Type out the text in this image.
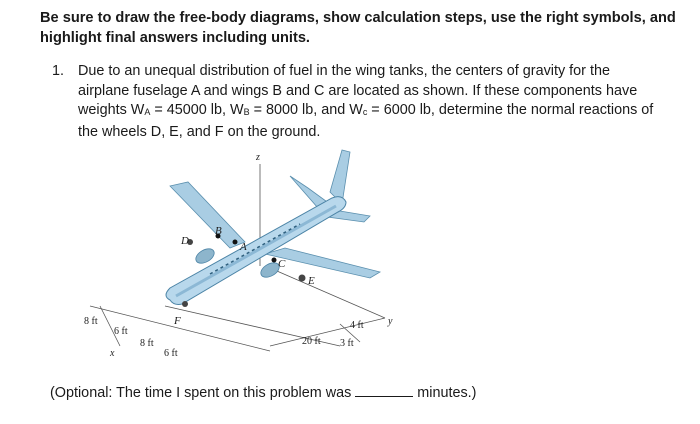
Be sure to draw the free-body diagrams, show calculation steps, use the right symbols, and
highlight final answers including units.
1. Due to an unequal distribution of fuel in the wing tanks, the centers of gravity for the
airplane fuselage A and wings B and C are located as shown. If these components have
weights $W_A = 45000$ lb, $W_B = 8000$ lb, and $W_c = 6000$ lb, determine the normal reactions of
the wheels D, E, and F on the ground.
z
x
y
A
B
C
D
E
F
8 ft
6 ft
8 ft
6 ft
20 ft
4 ft
3 ft
(Optional: The time I spent on this problem was	minutes.)
